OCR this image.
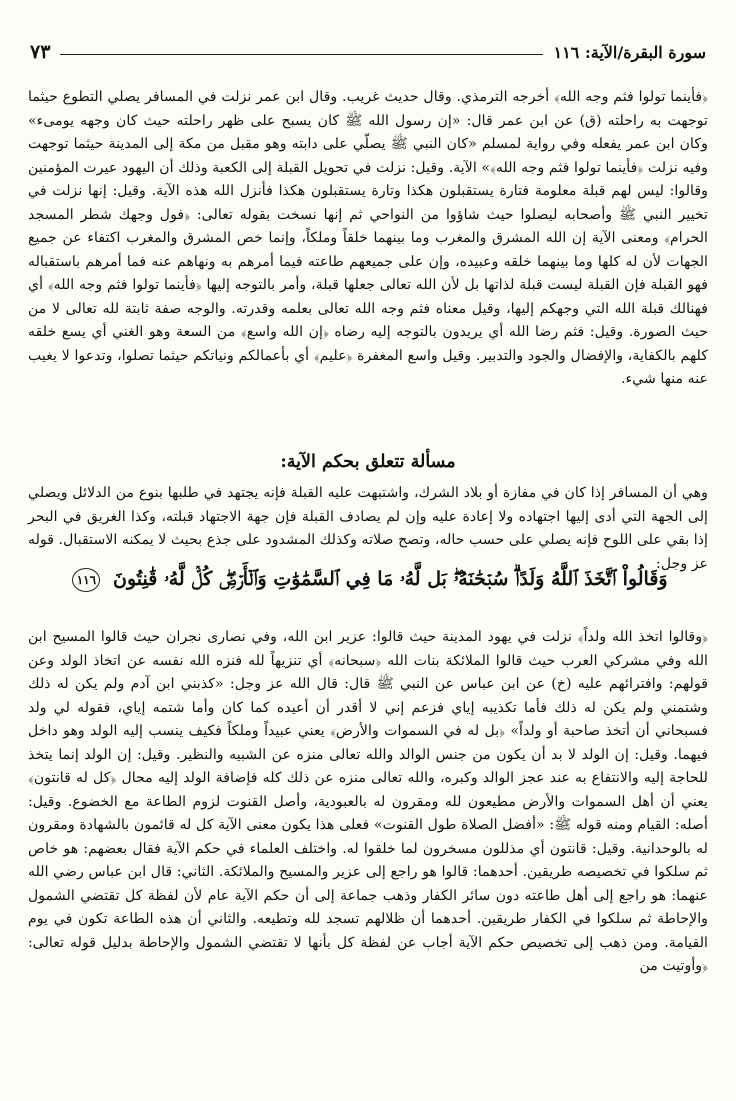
سورة البقرة/الآية: ١١٦
٧٣

﴿فأينما تولوا فثم وجه الله﴾ أخرجه الترمذي. وقال حديث غريب. وقال ابن عمر نزلت في المسافر يصلي التطوع حيثما توجهت به راحلته (ق) عن ابن عمر قال: «إن رسول الله ﷺ كان يسبح على ظهر راحلته حيث كان وجهه يومىء» وكان ابن عمر يفعله وفي رواية لمسلم «كان النبي ﷺ يصلّي على دابته وهو مقبل من مكة إلى المدينة حيثما توجهت وفيه نزلت ﴿فأينما تولوا فثم وجه الله﴾» الآية. وقيل: نزلت في تحويل القبلة إلى الكعبة وذلك أن اليهود عيرت المؤمنين وقالوا: ليس لهم قبلة معلومة فتارة يستقبلون هكذا وتارة يستقبلون هكذا فأنزل الله هذه الآية. وقيل: إنها نزلت في تخيير النبي ﷺ وأصحابه ليصلوا حيث شاؤوا من النواحي ثم إنها نسخت بقوله تعالى: ﴿فول وجهك شطر المسجد الحرام﴾ ومعنى الآية إن الله المشرق والمغرب وما بينهما خلقاً وملكاً، وإنما خص المشرق والمغرب اكتفاء عن جميع الجهات لأن له كلها وما بينهما خلقه وعبيده، وإن على جميعهم طاعته فيما أمرهم به ونهاهم عنه فما أمرهم باستقباله فهو القبلة فإن القبلة ليست قبلة لذاتها بل لأن الله تعالى جعلها قبلة، وأمر بالتوجه إليها ﴿فأينما تولوا فثم وجه الله﴾ أي فهنالك قبلة الله التي وجهكم إليها، وقيل معناه فثم وجه الله تعالى بعلمه وقدرته. والوجه صفة ثابتة لله تعالى لا من حيث الصورة. وقيل: فثم رضا الله أي يريدون بالتوجه إليه رضاه ﴿إن الله واسع﴾ من السعة وهو الغني أي يسع خلقه كلهم بالكفاية، والإفضال والجود والتدبير. وقيل واسع المغفرة ﴿عليم﴾ أي بأعمالكم ونياتكم حيثما تصلوا، وتدعوا لا يغيب عنه منها شيء.

مسألة تتعلق بحكم الآية:

وهي أن المسافر إذا كان في مفازة أو بلاد الشرك، واشتبهت عليه القبلة فإنه يجتهد في طلبها بنوع من الدلائل ويصلي إلى الجهة التي أدى إليها اجتهاده ولا إعادة عليه وإن لم يصادف القبلة فإن جهة الاجتهاد قبلته، وكذا الغريق في البحر إذا بقي على اللوح فإنه يصلي على حسب حاله، وتصح صلاته وكذلك المشدود على جذع بحيث لا يمكنه الاستقبال. قوله عز وجل:

وَقَالُواْ ٱتَّخَذَ ٱللَّهُ وَلَدًاۗ سُبۡحَٰنَهُۥۖ بَل لَّهُۥ مَا فِي ٱلسَّمَٰوَٰتِ وَٱلۡأَرۡضِۖ كُلّٞ لَّهُۥ قَٰنِتُونَ ١١٦

﴿وقالوا اتخذ الله ولداً﴾ نزلت في يهود المدينة حيث قالوا: عزير ابن الله، وفي نصارى نجران حيث قالوا المسيح ابن الله وفي مشركي العرب حيث قالوا الملائكة بنات الله ﴿سبحانه﴾ أي تنزيهاً لله فنزه الله نفسه عن اتخاذ الولد وعن قولهم: وافترائهم عليه (خ) عن ابن عباس عن النبي ﷺ قال: قال الله عز وجل: «كذبني ابن آدم ولم يكن له ذلك وشتمني ولم يكن له ذلك فأما تكذيبه إياي فزعم إني لا أقدر أن أعيده كما كان وأما شتمه إياي، فقوله لي ولد فسبحاني أن أتخذ صاحبة أو ولداً» ﴿بل له في السموات والأرض﴾ يعني عبيداً وملكاً فكيف ينسب إليه الولد وهو داخل فيهما. وقيل: إن الولد لا بد أن يكون من جنس الوالد والله تعالى منزه عن الشبيه والنظير. وقيل: إن الولد إنما يتخذ للحاجة إليه والانتفاع به عند عجز الوالد وكبره، والله تعالى منزه عن ذلك كله فإضافة الولد إليه محال ﴿كل له قانتون﴾ يعني أن أهل السموات والأرض مطيعون لله ومقرون له بالعبودية، وأصل القنوت لزوم الطاعة مع الخضوع. وقيل: أصله: القيام ومنه قوله ﷺ: «أفضل الصلاة طول القنوت» فعلى هذا يكون معنى الآية كل له قائمون بالشهادة ومقرون له بالوحدانية. وقيل: قانتون أي مذللون مسخرون لما خلقوا له. واختلف العلماء في حكم الآية فقال بعضهم: هو خاص ثم سلكوا في تخصيصه طريقين. أحدهما: قالوا هو راجع إلى عزير والمسيح والملائكة. الثاني: قال ابن عباس رضي الله عنهما: هو راجع إلى أهل طاعته دون سائر الكفار وذهب جماعة إلى أن حكم الآية عام لأن لفظة كل تقتضي الشمول والإحاطة ثم سلكوا في الكفار طريقين. أحدهما أن ظلالهم تسجد لله وتطيعه. والثاني أن هذه الطاعة تكون في يوم القيامة. ومن ذهب إلى تخصيص حكم الآية أجاب عن لفظة كل بأنها لا تقتضي الشمول والإحاطة بدليل قوله تعالى: ﴿وأوتيت من
